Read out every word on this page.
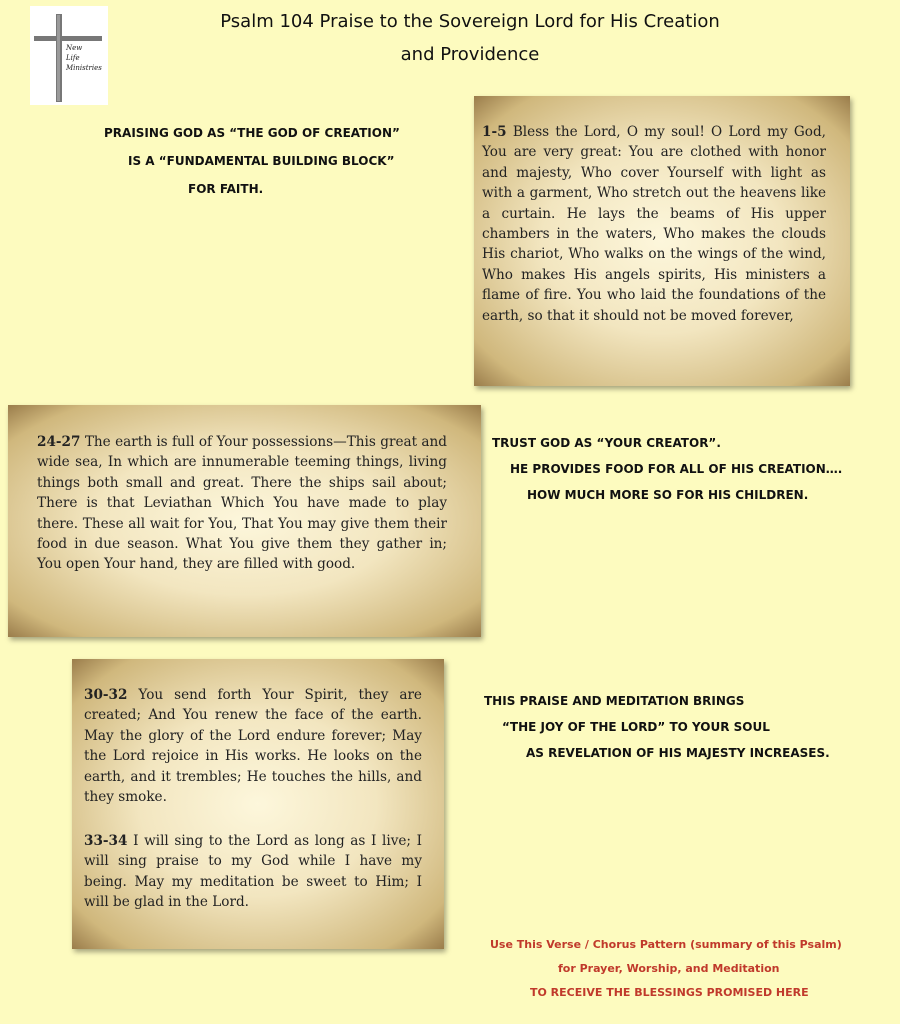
New
Life
Ministries
Psalm 104 Praise to the Sovereign Lord for His Creation
and Providence
PRAISING GOD AS “THE GOD OF CREATION”
IS A “FUNDAMENTAL BUILDING BLOCK”
FOR FAITH.
1-5 Bless the Lord, O my soul! O Lord my God, You are very great: You are clothed with honor and majesty, Who cover Yourself with light as with a garment, Who stretch out the heavens like a curtain. He lays the beams of His upper chambers in the waters, Who makes the clouds His chariot, Who walks on the wings of the wind, Who makes His angels spirits, His ministers a flame of fire. You who laid the foundations of the earth, so that it should not be moved forever,
24-27 The earth is full of Your possessions—This great and wide sea, In which are innumerable teeming things, living things both small and great. There the ships sail about; There is that Leviathan Which You have made to play there. These all wait for You, That You may give them their food in due season. What You give them they gather in; You open Your hand, they are filled with good.
TRUST GOD AS “YOUR CREATOR”.
HE PROVIDES FOOD FOR ALL OF HIS CREATION….
HOW MUCH MORE SO FOR HIS CHILDREN.
30-32 You send forth Your Spirit, they are created; And You renew the face of the earth. May the glory of the Lord endure forever; May the Lord rejoice in His works. He looks on the earth, and it trembles; He touches the hills, and they smoke.
33-34 I will sing to the Lord as long as I live; I will sing praise to my God while I have my being. May my meditation be sweet to Him; I will be glad in the Lord.
THIS PRAISE AND MEDITATION BRINGS
“THE JOY OF THE LORD” TO YOUR SOUL
AS REVELATION OF HIS MAJESTY INCREASES.
Use This Verse / Chorus Pattern (summary of this Psalm)
for Prayer, Worship, and Meditation
TO RECEIVE THE BLESSINGS PROMISED HERE
